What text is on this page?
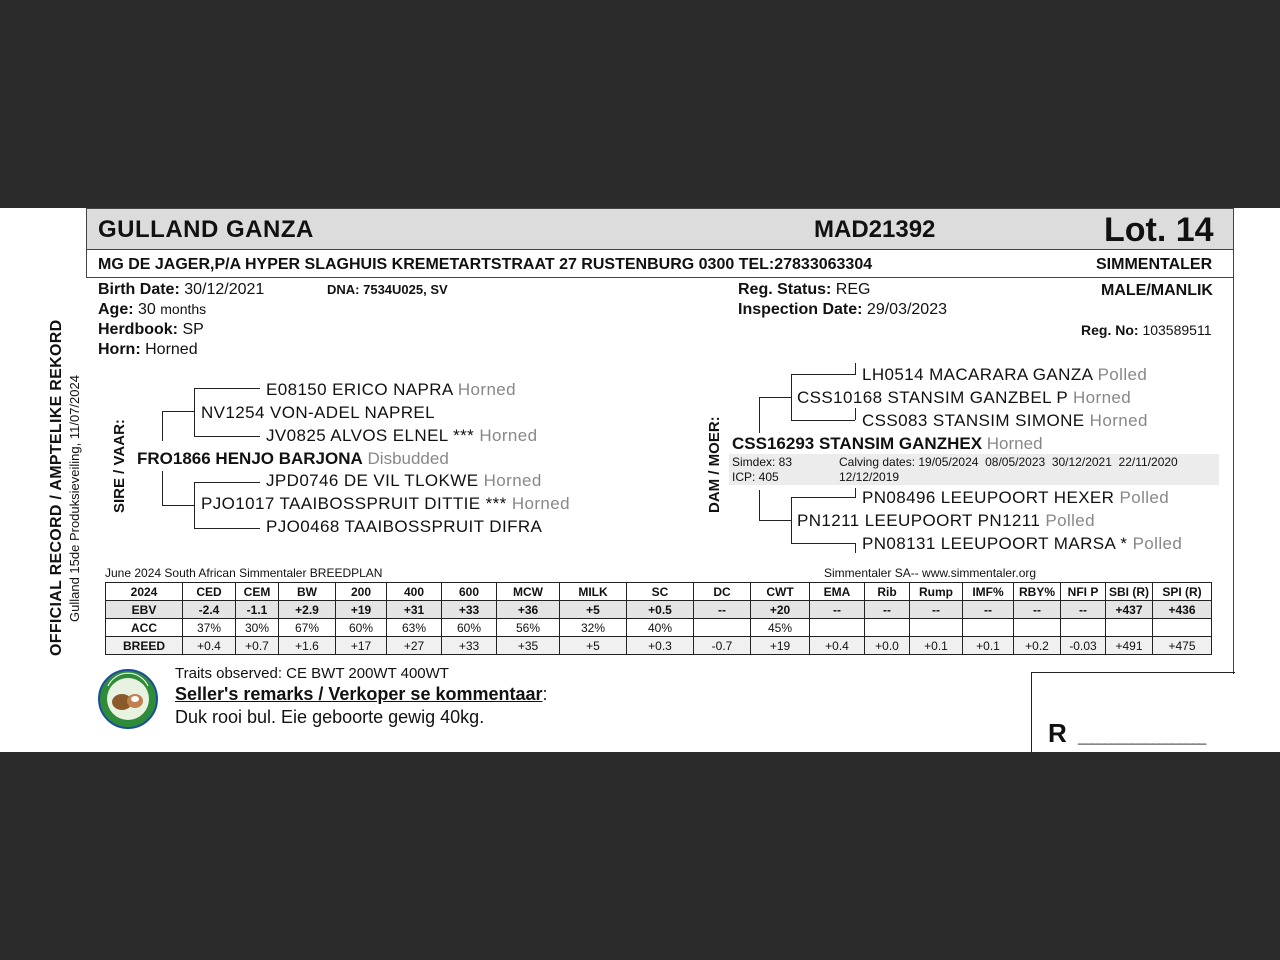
OFFICIAL RECORD / AMPTELIKE REKORD Gulland 15de Produksieveiling, 11/07/2024
GULLAND GANZA	MAD21392	Lot. 14
MG DE JAGER,P/A HYPER SLAGHUIS KREMETARTSTRAAT 27 RUSTENBURG 0300 TEL:27833063304	SIMMENTALER
Birth Date: 30/12/2021	DNA: 7534U025, SV
Age: 30 months
Herdbook: SP
Horn: Horned
Reg. Status: REG
Inspection Date: 29/03/2023
MALE/MANLIK
Reg. No: 103589511
SIRE / VAAR:
E08150 ERICO NAPRA Horned
NV1254 VON-ADEL NAPREL
JV0825 ALVOS ELNEL *** Horned
FRO1866 HENJO BARJONA Disbudded
JPD0746 DE VIL TLOKWE Horned
PJO1017 TAAIBOSSPRUIT DITTIE *** Horned
PJO0468 TAAIBOSSPRUIT DIFRA
DAM / MOER:
LH0514 MACARARA GANZA Polled
CSS10168 STANSIM GANZBEL P Horned
CSS083 STANSIM SIMONE Horned
CSS16293 STANSIM GANZHEX Horned
Simdex: 83
ICP: 405
Calving dates: 19/05/2024  08/05/2023  30/12/2021  22/11/2020
12/12/2019
PN08496 LEEUPOORT HEXER Polled
PN1211 LEEUPOORT PN1211 Polled
PN08131 LEEUPOORT MARSA * Polled
June 2024 South African Simmentaler BREEDPLAN	Simmentaler SA-- www.simmentaler.org
2024	CED	CEM	BW	200	400	600	MCW	MILK	SC	DC	CWT	EMA	Rib	Rump	IMF%	RBY%	NFI P	SBI (R)	SPI (R)
EBV	-2.4	-1.1	+2.9	+19	+31	+33	+36	+5	+0.5	--	+20	--	--	--	--	--	--	+437	+436
ACC	37%	30%	67%	60%	63%	60%	56%	32%	40%		45%								
BREED	+0.4	+0.7	+1.6	+17	+27	+33	+35	+5	+0.3	-0.7	+19	+0.4	+0.0	+0.1	+0.1	+0.2	-0.03	+491	+475
Traits observed: CE BWT 200WT 400WT
Seller's remarks / Verkoper se kommentaar:
Duk rooi bul. Eie geboorte gewig 40kg.
R ___________________
